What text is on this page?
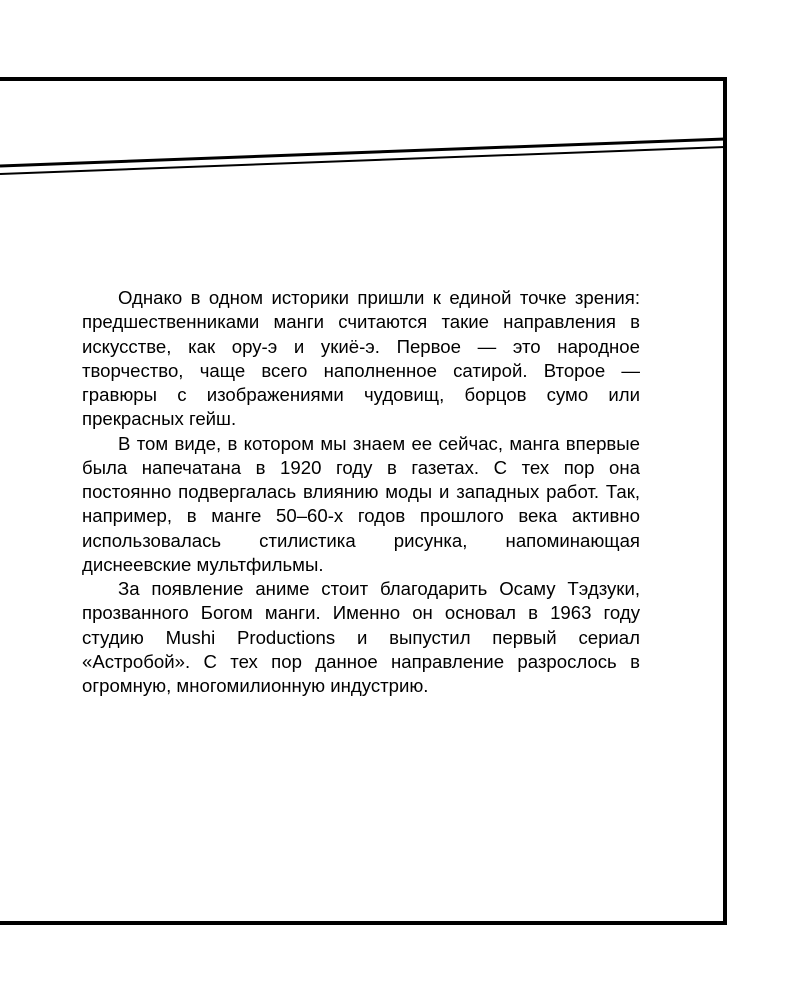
Однако в одном историки пришли к единой точке зрения: предшественниками манги считаются такие направления в искусстве, как ору-э и укиё-э. Первое — это народное творчество, чаще всего наполненное сатирой. Второе — гравюры с изображениями чудовищ, борцов сумо или прекрасных гейш.

В том виде, в котором мы знаем ее сейчас, манга впервые была напечатана в 1920 году в газетах. С тех пор она постоянно подвергалась влиянию моды и западных работ. Так, например, в манге 50–60-х годов прошлого века активно использовалась стилистика рисунка, напоминающая диснеевские мультфильмы.

За появление аниме стоит благодарить Осаму Тэдзуки, прозванного Богом манги. Именно он основал в 1963 году студию Mushi Productions и выпустил первый сериал «Астробой». С тех пор данное направление разрослось в огромную, многомилионную индустрию.
